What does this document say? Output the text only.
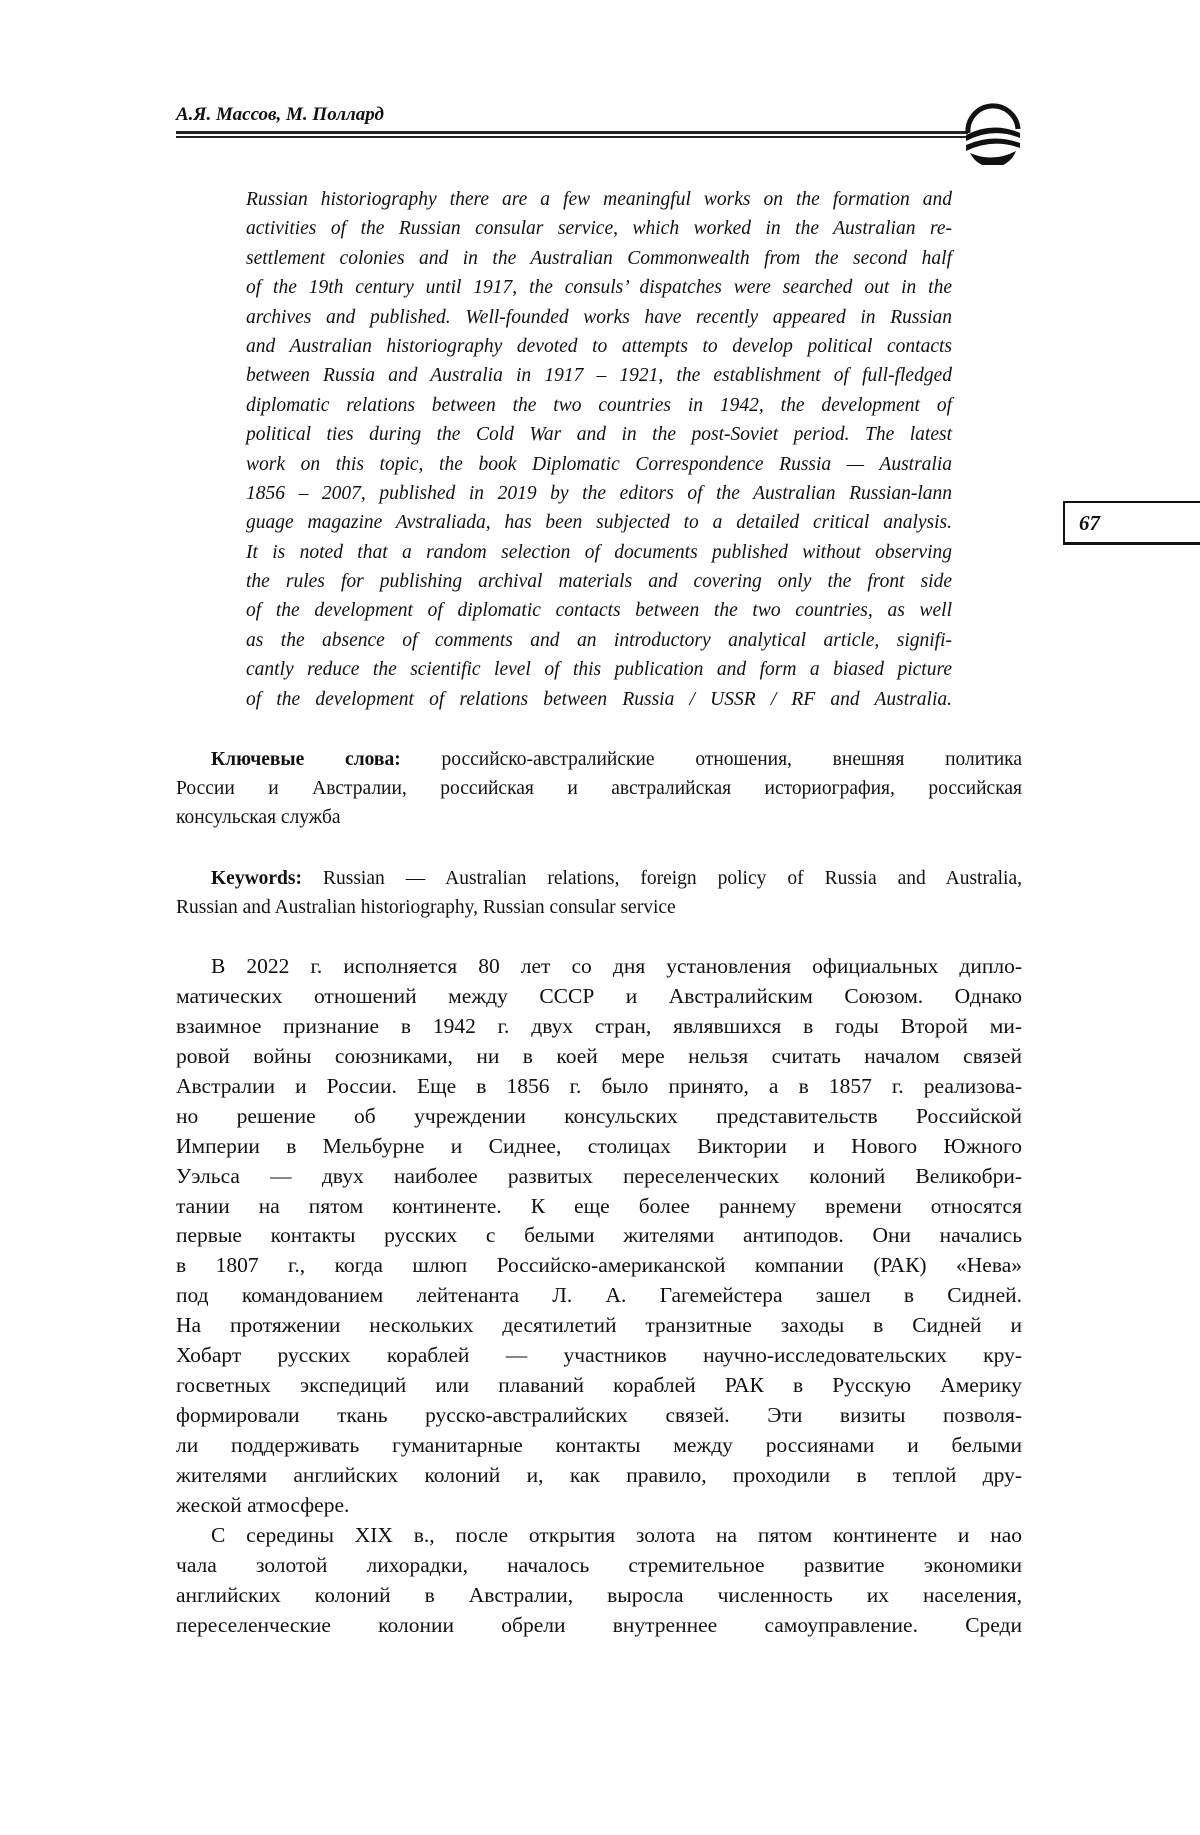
А.Я. Массов, М. Поллард
67
Russian historiography there are a few meaningful works on the formation and
activities of the Russian consular service, which worked in the Australian re-
settlement colonies and in the Australian Commonwealth from the second half
of the 19th century until 1917, the consuls’ dispatches were searched out in the
archives and published. Well-founded works have recently appeared in Russian
and Australian historiography devoted to attempts to develop political contacts
between Russia and Australia in 1917 – 1921, the establishment of full-fledged
diplomatic relations between the two countries in 1942, the development of
political ties during the Cold War and in the post-Soviet period. The latest
work on this topic, the book Diplomatic Correspondence Russia — Australia
1856 – 2007, published in 2019 by the editors of the Australian Russian-lann
guage magazine Avstraliada, has been subjected to a detailed critical analysis.
It is noted that a random selection of documents published without observing
the rules for publishing archival materials and covering only the front side
of the development of diplomatic contacts between the two countries, as well
as the absence of comments and an introductory analytical article, signifi-
cantly reduce the scientific level of this publication and form a biased picture
of the development of relations between Russia / USSR / RF and Australia.
Ключевые слова: российско-австралийские отношения, внешняя политика
России и Австралии, российская и австралийская историография, российская
консульская служба
Keywords: Russian — Australian relations, foreign policy of Russia and Australia,
Russian and Australian historiography, Russian consular service
В 2022 г. исполняется 80 лет со дня установления официальных дипло-
матических отношений между СССР и Австралийским Союзом. Однако
взаимное признание в 1942 г. двух стран, являвшихся в годы Второй ми-
ровой войны союзниками, ни в коей мере нельзя считать началом связей
Австралии и России. Еще в 1856 г. было принято, а в 1857 г. реализова-
но решение об учреждении консульских представительств Российской
Империи в Мельбурне и Сиднее, столицах Виктории и Нового Южного
Уэльса — двух наиболее развитых переселенческих колоний Великобри-
тании на пятом континенте. К еще более раннему времени относятся
первые контакты русских с белыми жителями антиподов. Они начались
в 1807 г., когда шлюп Российско-американской компании (РАК) «Нева»
под командованием лейтенанта Л. А. Гагемейстера зашел в Сидней.
На протяжении нескольких десятилетий транзитные заходы в Сидней и
Хобарт русских кораблей — участников научно-исследовательских кру-
госветных экспедиций или плаваний кораблей РАК в Русскую Америку
формировали ткань русско-австралийских связей. Эти визиты позволя-
ли поддерживать гуманитарные контакты между россиянами и белыми
жителями английских колоний и, как правило, проходили в теплой дру-
жеской атмосфере.
С середины XIX в., после открытия золота на пятом континенте и нао
чала золотой лихорадки, началось стремительное развитие экономики
английских колоний в Австралии, выросла численность их населения,
переселенческие колонии обрели внутреннее самоуправление. Среди
